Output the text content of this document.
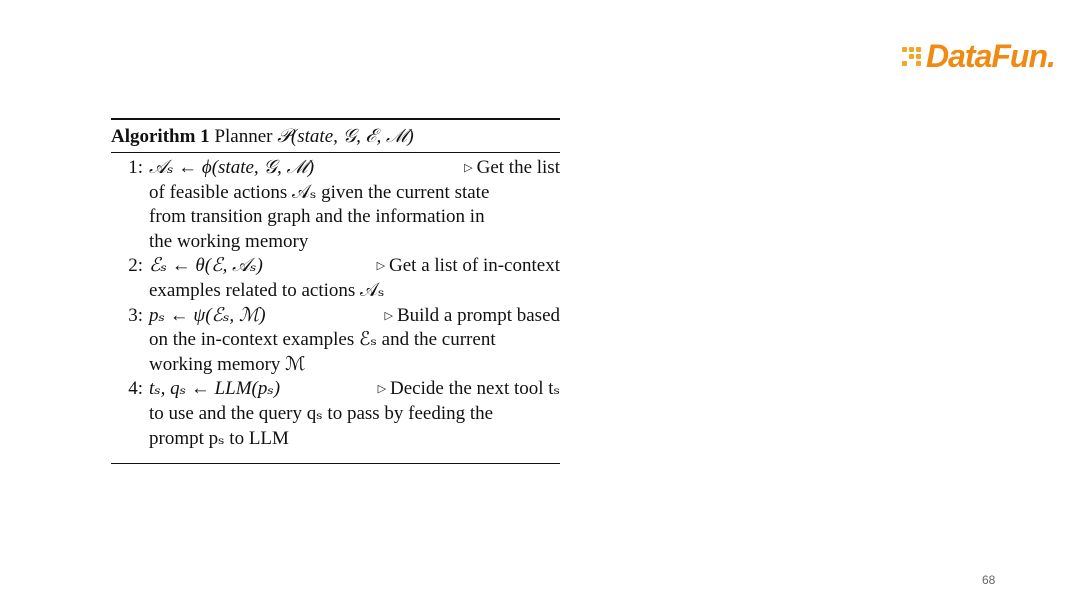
DataFun.
Algorithm 1 Planner 𝒫(state, 𝒢, ℰ, ℳ)
1: 𝒜ₛ ← ϕ(state, 𝒢, ℳ)	▷ Get the list
of feasible actions 𝒜ₛ given the current state
from transition graph and the information in
the working memory
2: ℰₛ ← θ(ℰ, 𝒜ₛ)	▷ Get a list of in-context
examples related to actions 𝒜ₛ
3: pₛ ← ψ(ℰₛ, ℳ)	▷ Build a prompt based
on the in-context examples ℰₛ and the current
working memory ℳ
4: tₛ, qₛ ← LLM(pₛ)	▷ Decide the next tool tₛ
to use and the query qₛ to pass by feeding the
prompt pₛ to LLM
68
